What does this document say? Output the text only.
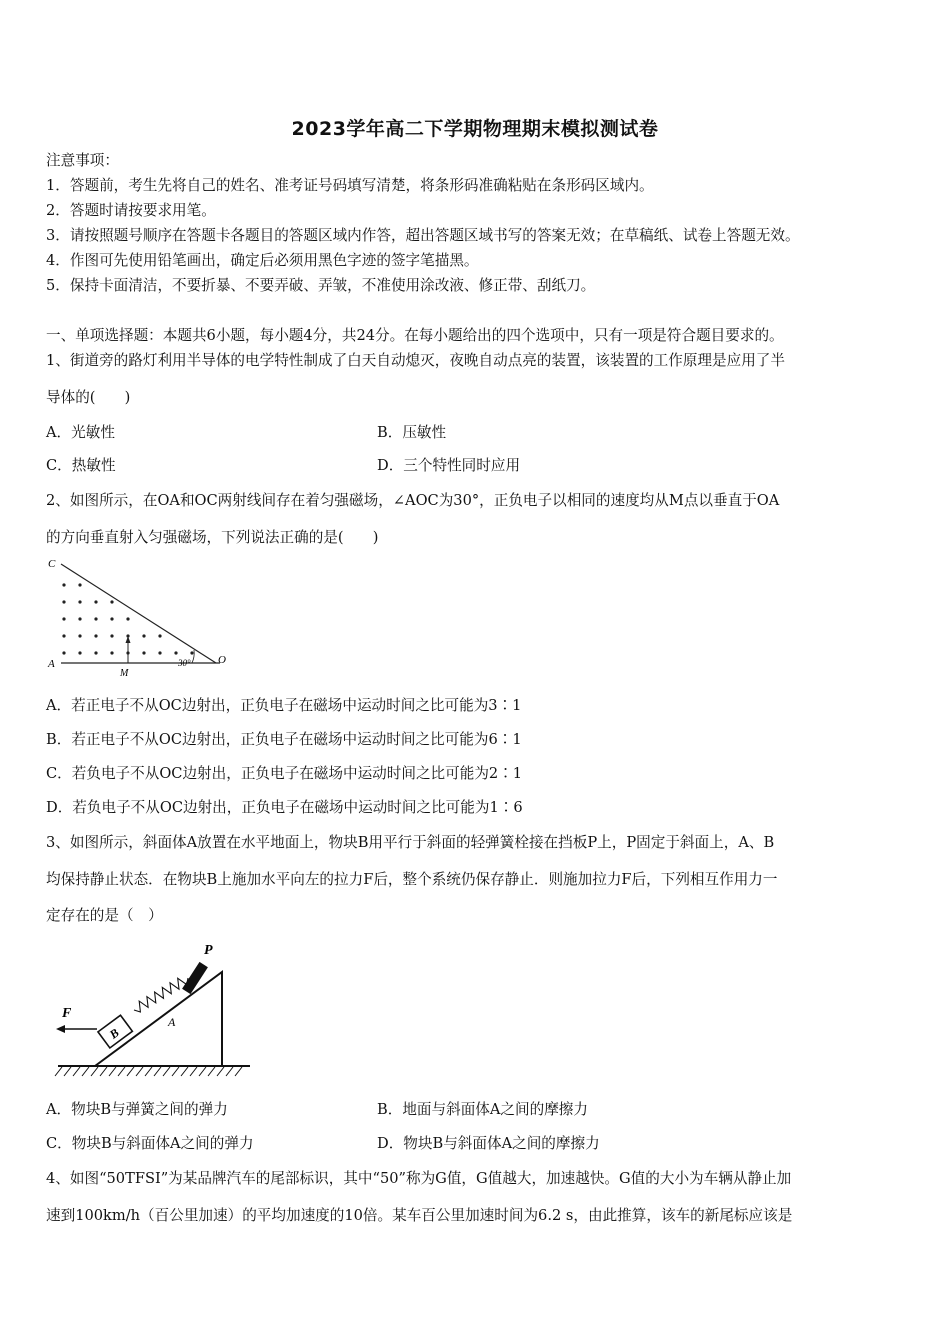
2023学年高二下学期物理期末模拟测试卷
注意事项：
1．答题前，考生先将自己的姓名、准考证号码填写清楚，将条形码准确粘贴在条形码区域内。
2．答题时请按要求用笔。
3．请按照题号顺序在答题卡各题目的答题区域内作答，超出答题区域书写的答案无效；在草稿纸、试卷上答题无效。
4．作图可先使用铅笔画出，确定后必须用黑色字迹的签字笔描黑。
5．保持卡面清洁，不要折暴、不要弄破、弄皱，不准使用涂改液、修正带、刮纸刀。
一、单项选择题：本题共6小题，每小题4分，共24分。在每小题给出的四个选项中，只有一项是符合题目要求的。
1、街道旁的路灯利用半导体的电学特性制成了白天自动熄灭，夜晚自动点亮的装置，该装置的工作原理是应用了半
导体的(　　)
A．光敏性	B．压敏性
C．热敏性	D．三个特性同时应用
2、如图所示，在OA和OC两射线间存在着匀强磁场，∠AOC为30°，正负电子以相同的速度均从M点以垂直于OA
的方向垂直射入匀强磁场，下列说法正确的是(　　)
C
A
M
30° O
A．若正电子不从OC边射出，正负电子在磁场中运动时间之比可能为3∶1
B．若正电子不从OC边射出，正负电子在磁场中运动时间之比可能为6∶1
C．若负电子不从OC边射出，正负电子在磁场中运动时间之比可能为2∶1
D．若负电子不从OC边射出，正负电子在磁场中运动时间之比可能为1∶6
3、如图所示，斜面体A放置在水平地面上，物块B用平行于斜面的轻弹簧栓接在挡板P上，P固定于斜面上，A、B
均保持静止状态．在物块B上施加水平向左的拉力F后，整个系统仍保存静止．则施加拉力F后，下列相互作用力一
定存在的是（　）
B
P
F
A
A．物块B与弹簧之间的弹力	B．地面与斜面体A之间的摩擦力
C．物块B与斜面体A之间的弹力	D．物块B与斜面体A之间的摩擦力
4、如图“50TFSI”为某品牌汽车的尾部标识，其中“50”称为G值，G值越大，加速越快。G值的大小为车辆从静止加
速到100km/h（百公里加速）的平均加速度的10倍。某车百公里加速时间为6.2 s，由此推算，该车的新尾标应该是
